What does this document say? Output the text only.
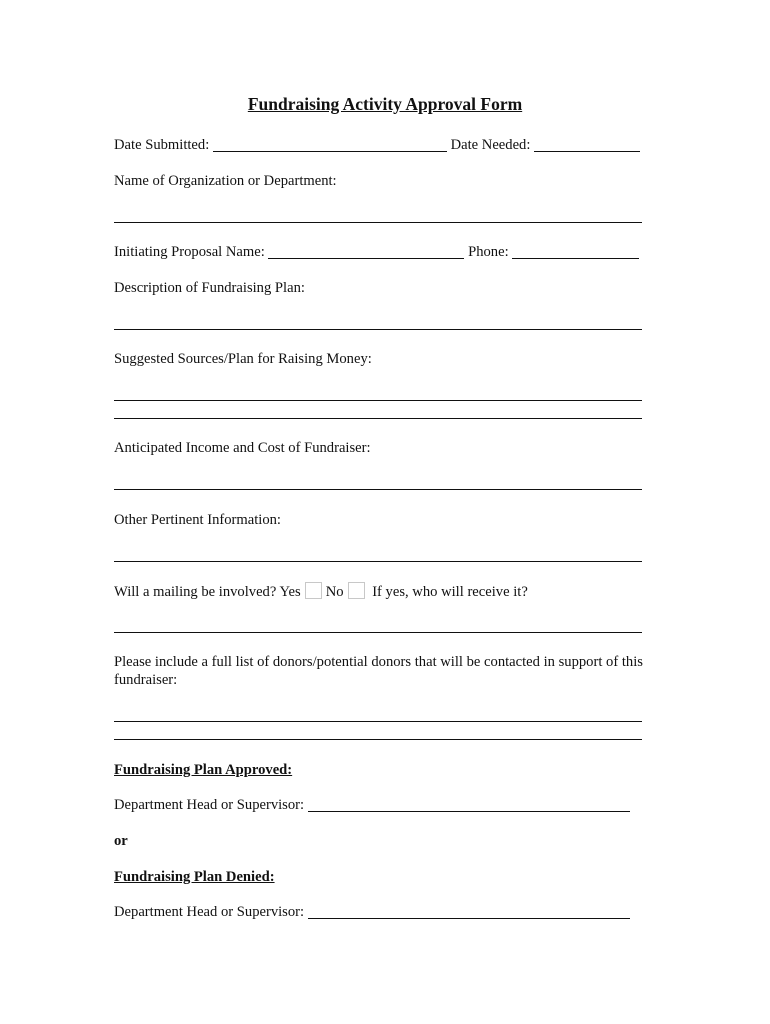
Fundraising Activity Approval Form
Date Submitted:	Date Needed:
Name of Organization or Department:
Initiating Proposal Name:	Phone:
Description of Fundraising Plan:
Suggested Sources/Plan for Raising Money:
Anticipated Income and Cost of Fundraiser:
Other Pertinent Information:
Will a mailing be involved? Yes No If yes, who will receive it?
Please include a full list of donors/potential donors that will be contacted in support of this fundraiser:
Fundraising Plan Approved:
Department Head or Supervisor:
or
Fundraising Plan Denied:
Department Head or Supervisor:
